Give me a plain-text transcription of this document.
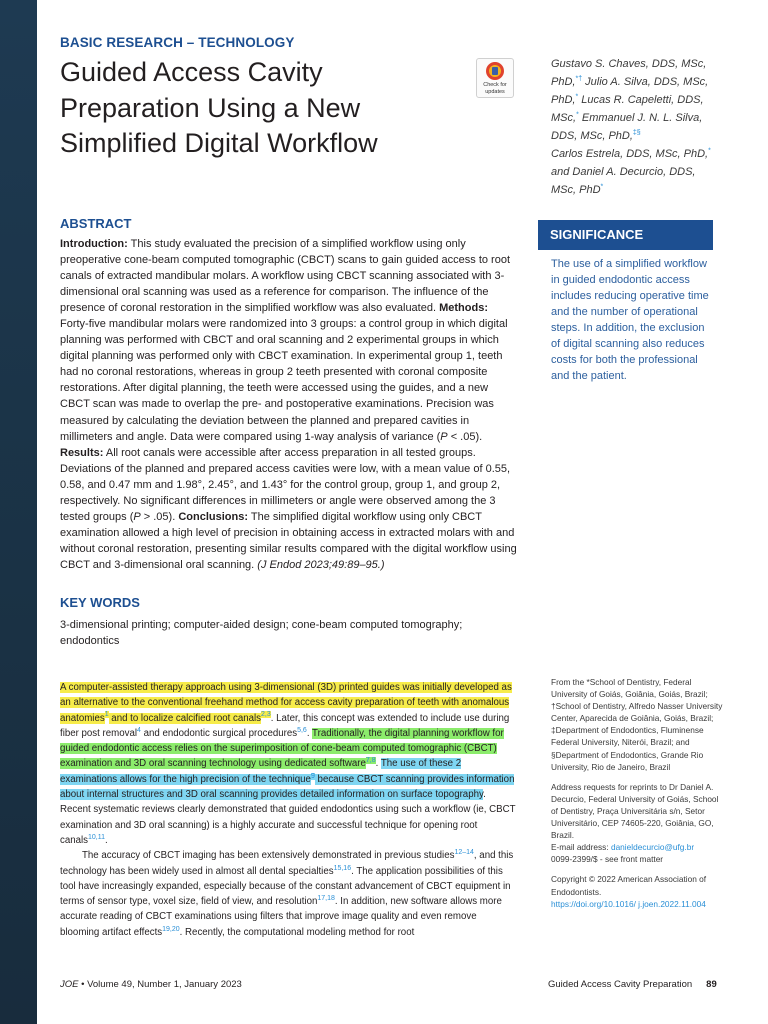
BASIC RESEARCH – TECHNOLOGY
Guided Access Cavity Preparation Using a New Simplified Digital Workflow
Check for updates
Gustavo S. Chaves, DDS, MSc, PhD,*† Julio A. Silva, DDS, MSc, PhD,* Lucas R. Capeletti, DDS, MSc,* Emmanuel J. N. L. Silva, DDS, MSc, PhD,‡§
Carlos Estrela, DDS, MSc, PhD,*
and Daniel A. Decurcio, DDS, MSc, PhD*
ABSTRACT
Introduction: This study evaluated the precision of a simplified workflow using only preoperative cone-beam computed tomographic (CBCT) scans to gain guided access to root canals of extracted mandibular molars. A workflow using CBCT scanning associated with 3-dimensional oral scanning was used as a reference for comparison. The influence of the presence of coronal restoration in the simplified workflow was also evaluated. Methods: Forty-five mandibular molars were randomized into 3 groups: a control group in which digital planning was performed with CBCT and oral scanning and 2 experimental groups in which digital planning was performed only with CBCT examination. In experimental group 1, teeth had no coronal restorations, whereas in group 2 teeth presented with coronal composite restorations. After digital planning, the teeth were accessed using the guides, and a new CBCT scan was made to overlap the pre- and postoperative examinations. Precision was measured by calculating the deviation between the planned and prepared cavities in millimeters and angle. Data were compared using 1-way analysis of variance (P < .05). Results: All root canals were accessible after access preparation in all tested groups. Deviations of the planned and prepared access cavities were low, with a mean value of 0.55, 0.58, and 0.47 mm and 1.98°, 2.45°, and 1.43° for the control group, group 1, and group 2, respectively. No significant differences in millimeters or angle were observed among the 3 tested groups (P > .05). Conclusions: The simplified digital workflow using only CBCT examination allowed a high level of precision in obtaining access in extracted molars with and without coronal restoration, presenting similar results compared with the digital workflow using CBCT and 3-dimensional oral scanning. (J Endod 2023;49:89–95.)
SIGNIFICANCE
The use of a simplified workflow in guided endodontic access includes reducing operative time and the number of operational steps. In addition, the exclusion of digital scanning also reduces costs for both the professional and the patient.
KEY WORDS
3-dimensional printing; computer-aided design; cone-beam computed tomography; endodontics

A computer-assisted therapy approach using 3-dimensional (3D) printed guides was initially developed as an alternative to the conventional freehand method for access cavity preparation of teeth with anomalous anatomies$^1$ and to localize calcified root canals$^{2,3}$. Later, this concept was extended to include use during fiber post removal$^4$ and endodontic surgical procedures$^{5,6}$. Traditionally, the digital planning workflow for guided endodontic access relies on the superimposition of cone-beam computed tomographic (CBCT) examination and 3D oral scanning technology using dedicated software$^{7,8}$. The use of these 2 examinations allows for the high precision of the technique$^9$ because CBCT scanning provides information about internal structures and 3D oral scanning provides detailed information on surface topography. Recent systematic reviews clearly demonstrated that guided endodontics using such a workflow (ie, CBCT examination and 3D oral scanning) is a highly accurate and successful technique for opening root canals$^{10,11}$.

The accuracy of CBCT imaging has been extensively demonstrated in previous studies$^{12-14}$, and this technology has been widely used in almost all dental specialties$^{15,16}$. The application possibilities of this tool have increasingly expanded, especially because of the constant advancement of CBCT equipment in terms of sensor type, voxel size, field of view, and resolution$^{17,18}$. In addition, new software allows more accurate reading of CBCT examinations using filters that improve image quality and even remove blooming artifact effects$^{19,20}$. Recently, the computational modeling method for root

From the *School of Dentistry, Federal University of Goiás, Goiânia, Goiás, Brazil; †School of Dentistry, Alfredo Nasser University Center, Aparecida de Goiânia, Goiás, Brazil; ‡Department of Endodontics, Fluminense Federal University, Niterói, Brazil; and §Department of Endodontics, Grande Rio University, Rio de Janeiro, Brazil

Address requests for reprints to Dr Daniel A. Decurcio, Federal University of Goiás, School of Dentistry, Praça Universitária s/n, Setor Universitário, CEP 74605-220, Goiânia, GO, Brazil.
E-mail address: danieldecurcio@ufg.br
0099-2399/$ - see front matter

Copyright © 2022 American Association of Endodontists.
https://doi.org/10.1016/ j.joen.2022.11.004

JOE • Volume 49, Number 1, January 2023	Guided Access Cavity Preparation 89
